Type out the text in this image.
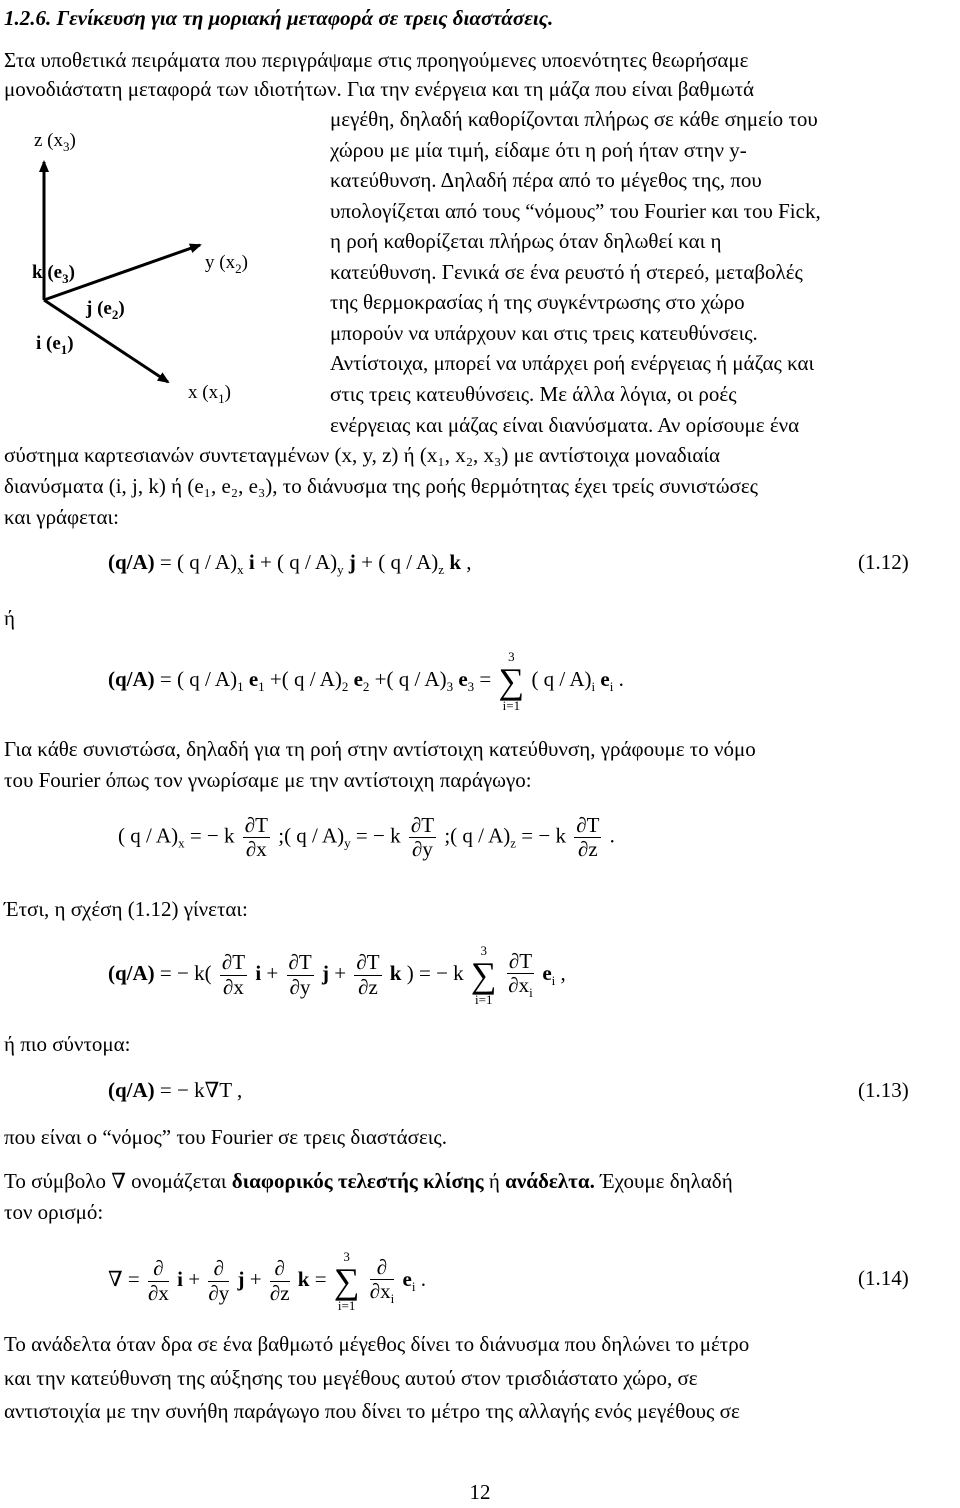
1.2.6. Γενίκευση για τη μοριακή μεταφορά σε τρεις διαστάσεις.
Στα υποθετικά πειράματα που περιγράψαμε στις προηγούμενες υποενότητες θεωρήσαμε
μονοδιάστατη μεταφορά των ιδιοτήτων. Για την ενέργεια και τη μάζα που είναι βαθμωτά
μεγέθη, δηλαδή καθορίζονται πλήρως σε κάθε σημείο του
χώρου με μία τιμή, είδαμε ότι η ροή ήταν στην y-
κατεύθυνση. Δηλαδή πέρα από το μέγεθος της, που
υπολογίζεται από τους “νόμους” του Fourier και του Fick,
η ροή καθορίζεται πλήρως όταν δηλωθεί και η
κατεύθυνση. Γενικά σε ένα ρευστό ή στερεό, μεταβολές
της θερμοκρασίας ή της συγκέντρωσης στο χώρο
μπορούν να υπάρχουν και στις τρεις κατευθύνσεις.
Αντίστοιχα, μπορεί να υπάρχει ροή ενέργειας ή μάζας και
στις τρεις κατευθύνσεις. Με άλλα λόγια, οι ροές
ενέργειας και μάζας είναι διανύσματα. Αν ορίσουμε ένα
z $(x_3)$
y $(x_2)$
x $(x_1)$
k $(e_3)$
j $(e_2)$
i $(e_1)$
σύστημα καρτεσιανών συντεταγμένων (x, y, z) ή (x₁, x₂, x₃) με αντίστοιχα μοναδιαία
διανύσματα (i, j, k) ή (e₁, e₂, e₃), το διάνυσμα της ροής θερμότητας έχει τρείς συνιστώσες
και γράφεται:
(q/A) = ( q / $A)_x$ i + ( q / $A)_y$ j + ( q / $A)_z$ k ,	(1.12)
ή
(q/A) = ( q / $A)_1$ $e_1$ +( q / $A)_2$ $e_2$ +( q / $A)_3$ $e_3$ =
3
∑
i=1
( q / $A)_i$ $e_i$ .
Για κάθε συνιστώσα, δηλαδή για τη ροή στην αντίστοιχη κατεύθυνση, γράφουμε το νόμο
του Fourier όπως τον γνωρίσαμε με την αντίστοιχη παράγωγο:
( q / $A)_x$ = − k $\frac{\partial T}{\partial x}$ ;( q / $A)_y$ = − k $\frac{\partial T}{\partial y}$ ;( q / $A)_z$ = − k $\frac{\partial T}{\partial z}$ .
Έτσι, η σχέση (1.12) γίνεται:
(q/A) = − $k( \frac{\partial T}{\partial x}$ $i + \frac{\partial T}{\partial y}$ $j + \frac{\partial T}{\partial z}$ k ) = − k
3
∑
i=1
$\frac{\partial T}{\partial x_i} e_i$ ,
ή πιο σύντομα:
(q/A) = − k∇T ,	(1.13)
που είναι ο “νόμος” του Fourier σε τρεις διαστάσεις.
Το σύμβολο ∇ ονομάζεται διαφορικός τελεστής κλίσης ή ανάδελτα. Έχουμε δηλαδή
τον ορισμό:
∇ = $\frac{\partial}{\partial x}$ $i + \frac{\partial}{\partial y}$ $j + \frac{\partial}{\partial z}$ k =
3
∑
i=1
$\frac{\partial}{\partial x_i} e_i$ .	(1.14)
Το ανάδελτα όταν δρα σε ένα βαθμωτό μέγεθος δίνει το διάνυσμα που δηλώνει το μέτρο
και την κατεύθυνση της αύξησης του μεγέθους αυτού στον τρισδιάστατο χώρο, σε
αντιστοιχία με την συνήθη παράγωγο που δίνει το μέτρο της αλλαγής ενός μεγέθους σε
12
